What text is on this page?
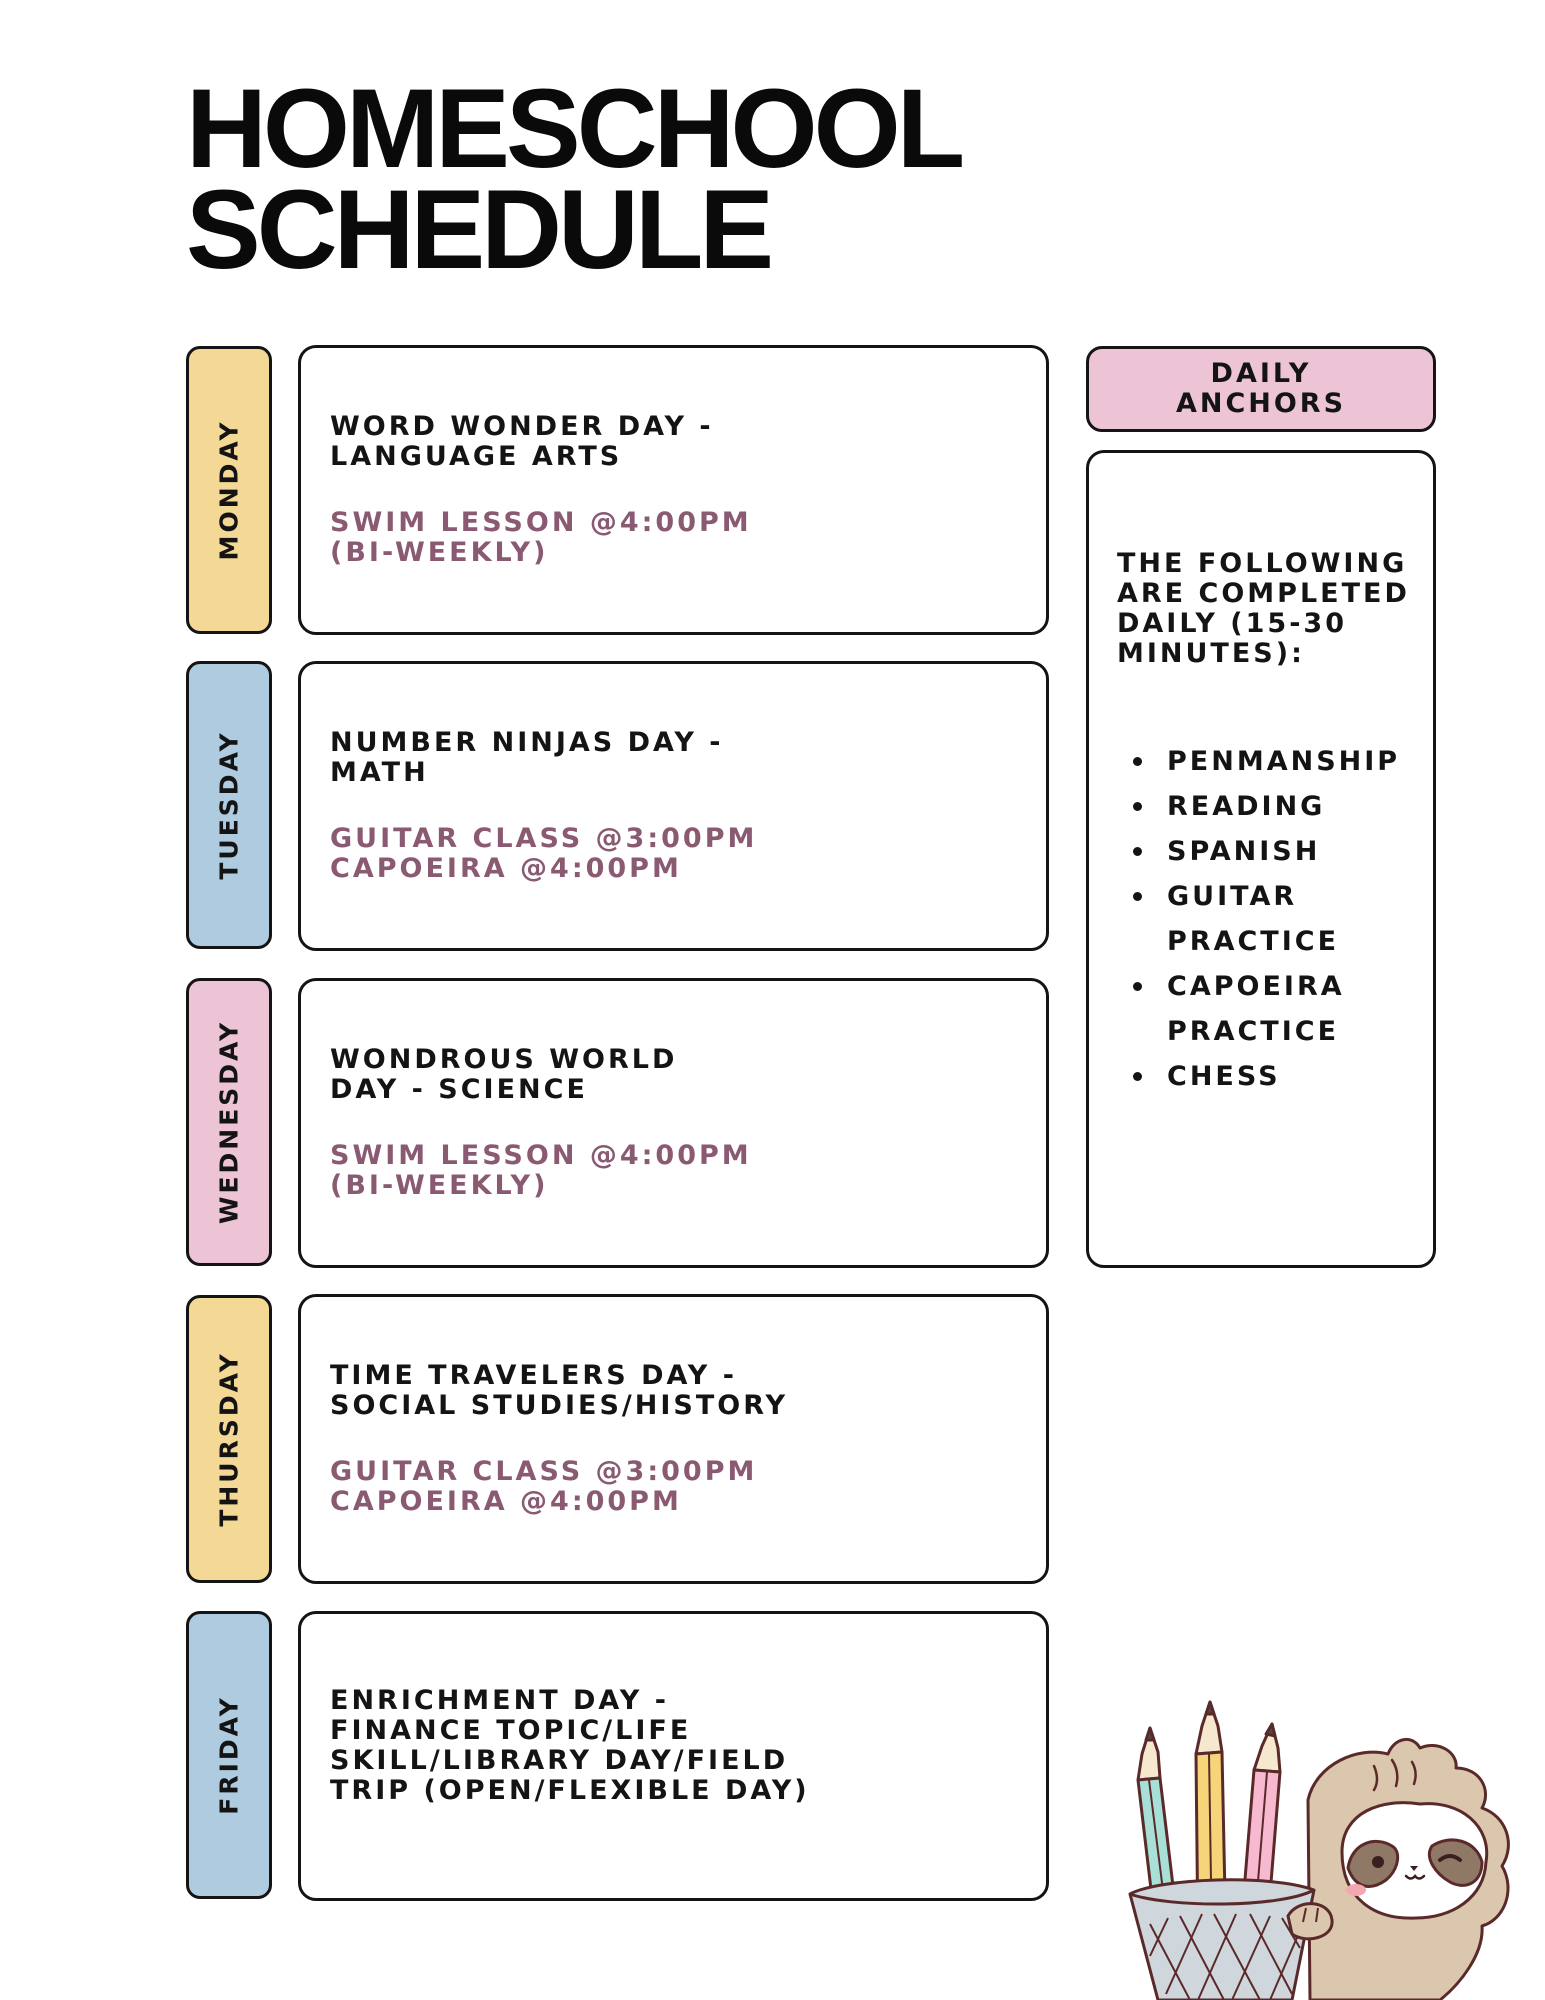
HOMESCHOOL
SCHEDULE
MONDAY	WORD WONDER DAY -
LANGUAGE ARTS

SWIM LESSON @4:00PM
(BI-WEEKLY)

TUESDAY	NUMBER NINJAS DAY -
MATH

GUITAR CLASS @3:00PM
CAPOEIRA @4:00PM

WEDNESDAY	WONDROUS WORLD
DAY - SCIENCE

SWIM LESSON @4:00PM
(BI-WEEKLY)

THURSDAY	TIME TRAVELERS DAY -
SOCIAL STUDIES/HISTORY

GUITAR CLASS @3:00PM
CAPOEIRA @4:00PM

FRIDAY	ENRICHMENT DAY -
FINANCE TOPIC/LIFE
SKILL/LIBRARY DAY/FIELD
TRIP (OPEN/FLEXIBLE DAY)

DAILY
ANCHORS

THE FOLLOWING
ARE COMPLETED
DAILY (15-30
MINUTES):

PENMANSHIP
READING
SPANISH
GUITAR
PRACTICE
CAPOEIRA
PRACTICE
CHESS
